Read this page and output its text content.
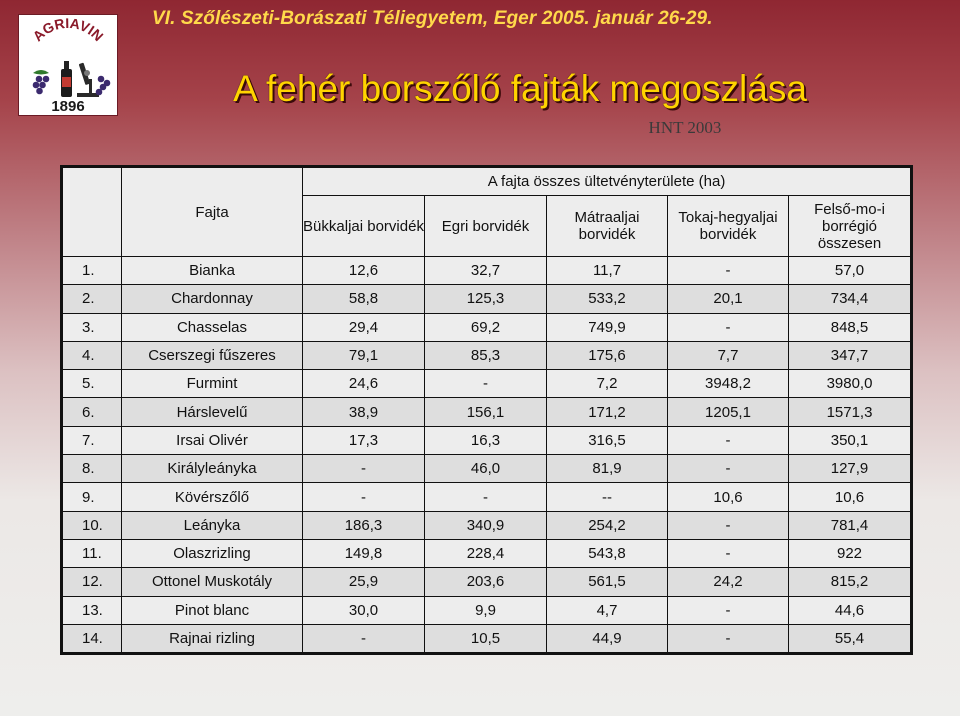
VI. Szőlészeti-Borászati Téliegyetem, Eger 2005. január 26-29.
AGRIAVIN
1896	A fehér borszőlő fajták megoszlása
HNT 2003
	Fajta	A fajta összes ültetvényterülete (ha)				
		Bükkaljai borvidék	Egri borvidék	Mátraaljai borvidék	Tokaj-hegyaljai borvidék	Felső-mo-i borrégió összesen
1.	Bianka	12,6	32,7	11,7	-	57,0
2.	Chardonnay	58,8	125,3	533,2	20,1	734,4
3.	Chasselas	29,4	69,2	749,9	-	848,5
4.	Cserszegi fűszeres	79,1	85,3	175,6	7,7	347,7
5.	Furmint	24,6	-	7,2	3948,2	3980,0
6.	Hárslevelű	38,9	156,1	171,2	1205,1	1571,3
7.	Irsai Olivér	17,3	16,3	316,5	-	350,1
8.	Királyleányka	-	46,0	81,9	-	127,9
9.	Kövérszőlő	-	-	--	10,6	10,6
10.	Leányka	186,3	340,9	254,2	-	781,4
11.	Olaszrizling	149,8	228,4	543,8	-	922
12.	Ottonel Muskotály	25,9	203,6	561,5	24,2	815,2
13.	Pinot blanc	30,0	9,9	4,7	-	44,6
14.	Rajnai rizling	-	10,5	44,9	-	55,4
